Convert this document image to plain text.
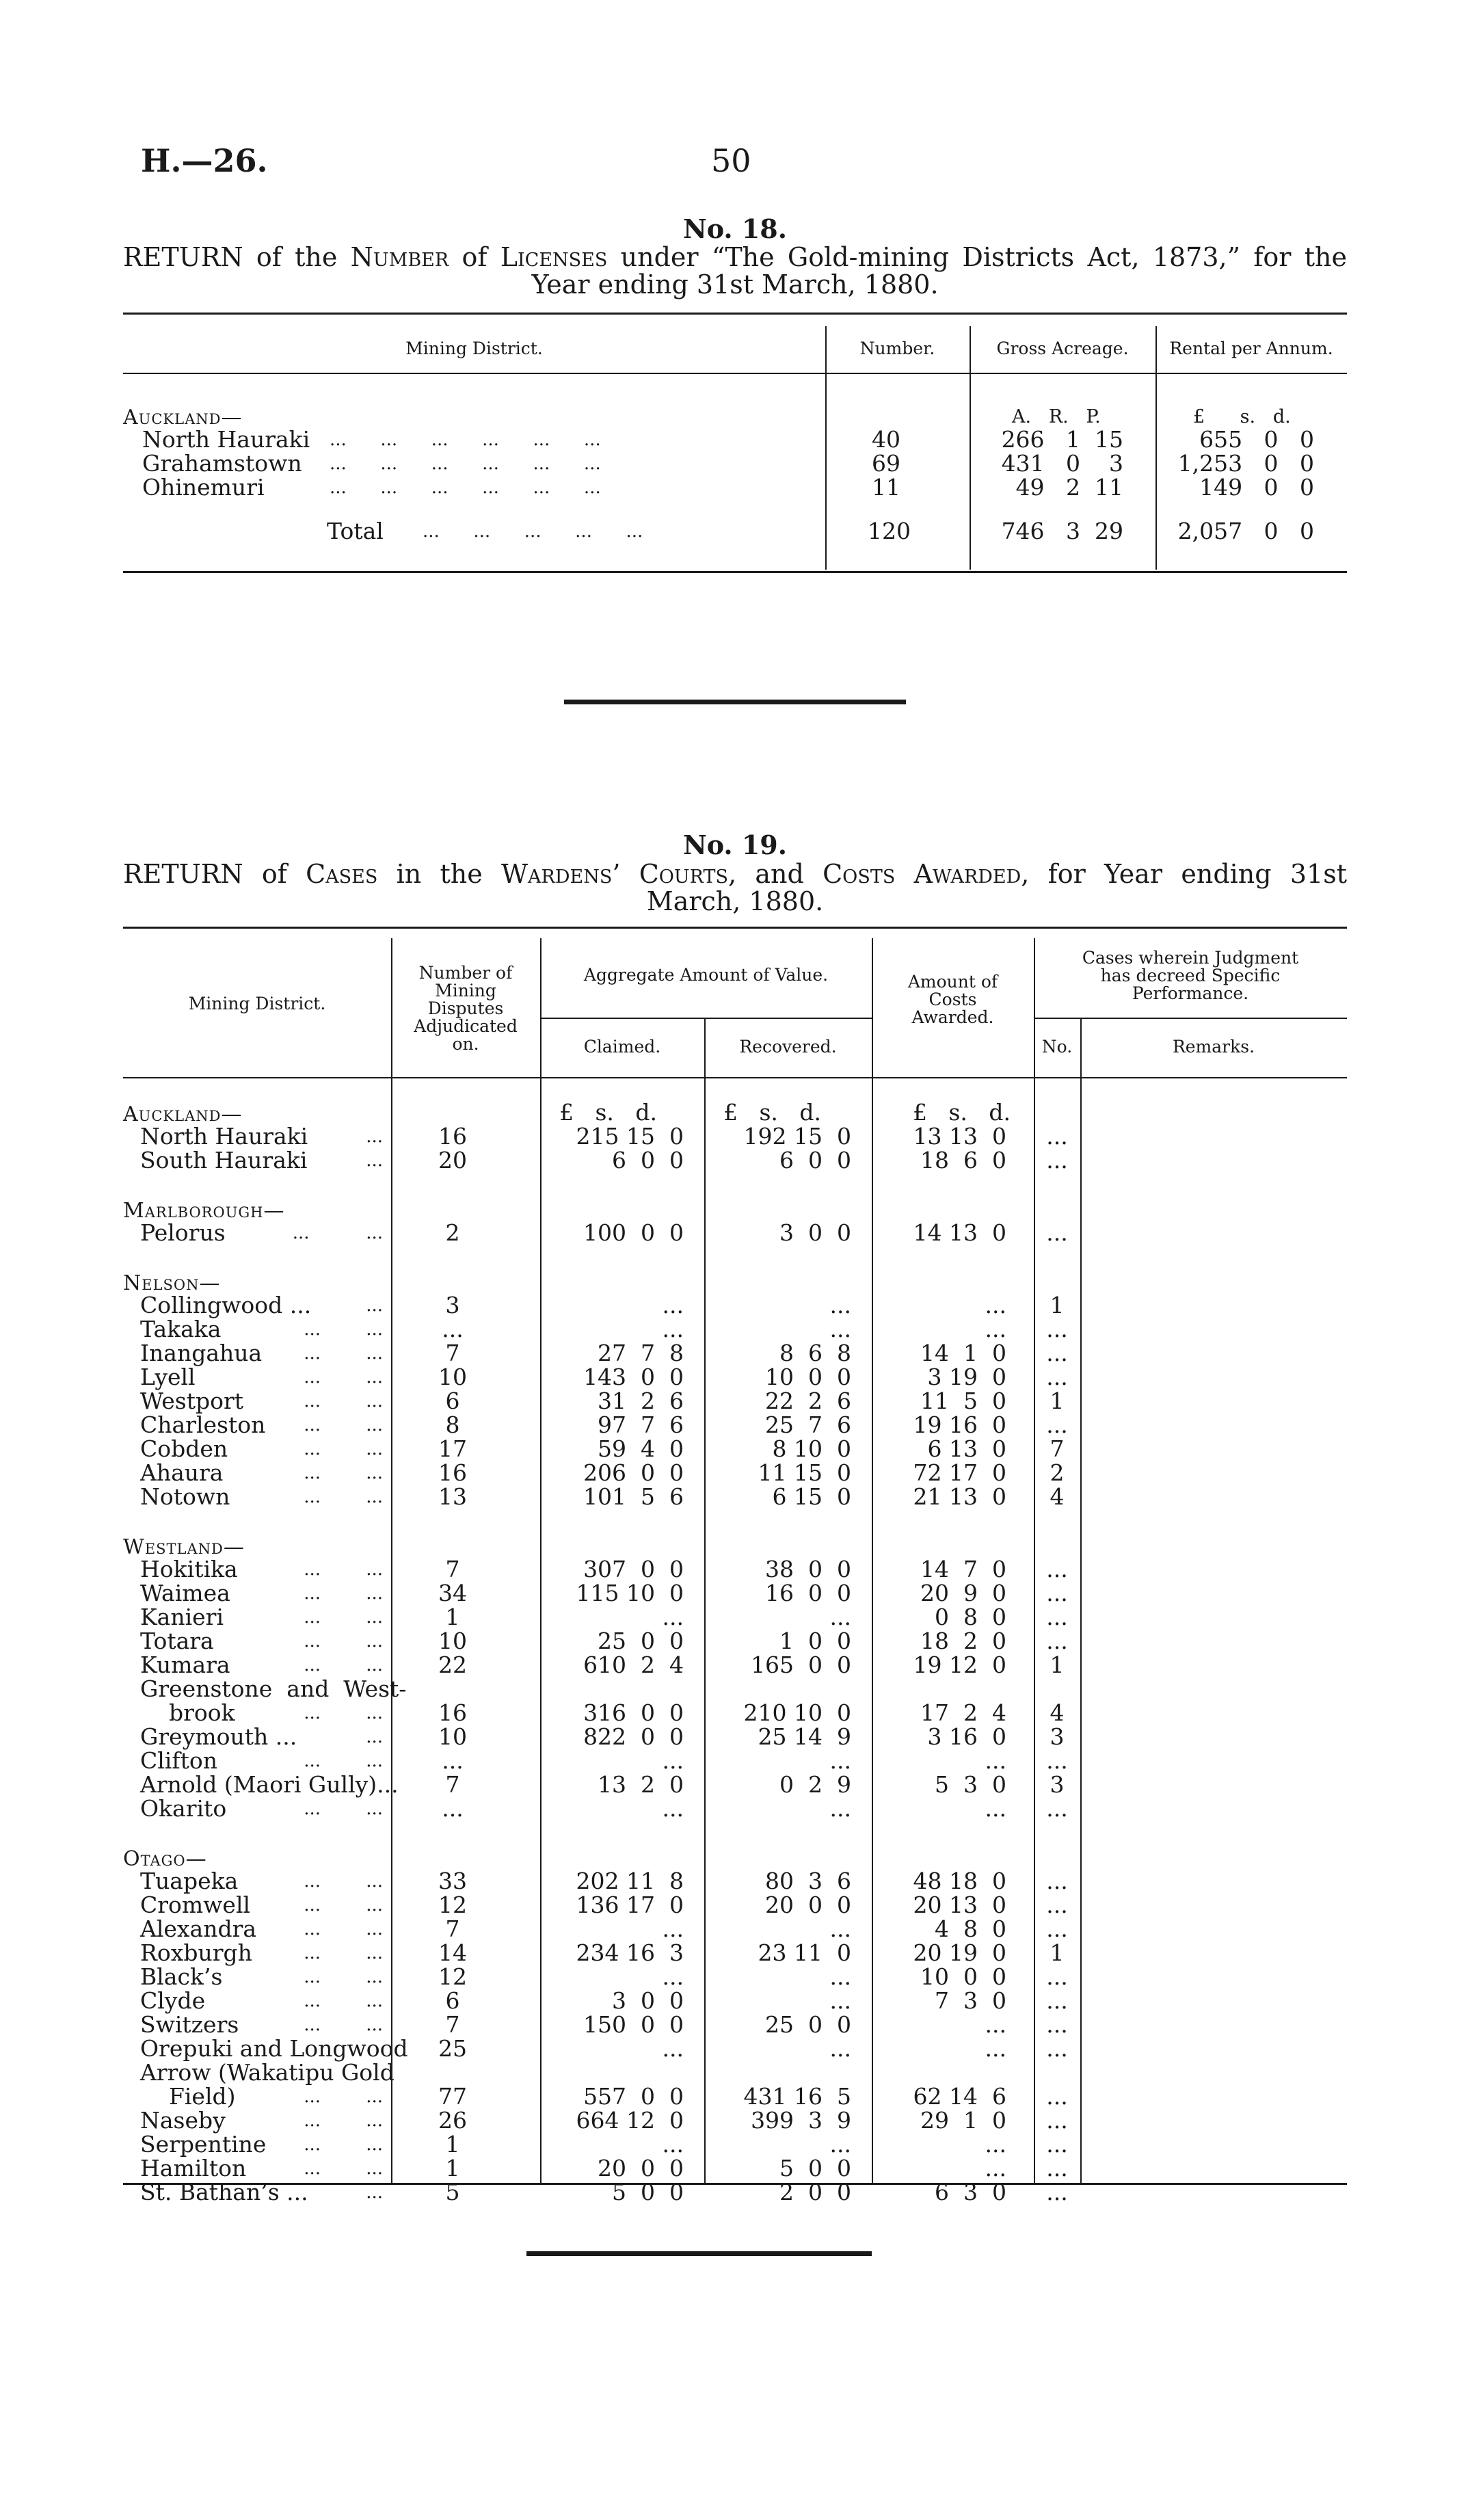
H.—26.	50
No. 18.
RETURN of the Number of Licenses under “The Gold-mining Districts Act, 1873,” for the
Year ending 31st March, 1880.
Mining District.	Number.	Gross Acreage.	Rental per Annum.
Auckland—	A.   R.   P.	£      s.   d.
North Hauraki ...      ...      ...      ...      ...      ...	40	266   1  15	655   0   0
Grahamstown ...      ...      ...      ...      ...      ...	69	431   0    3	1,253   0   0
Ohinemuri	...      ...      ...      ...      ...      ...	11	49   2  11	149   0   0
Total ...      ...      ...      ...      ...	120	746   3  29	2,057   0   0
No. 19.
RETURN of Cases in the Wardens’ Courts, and Costs Awarded, for Year ending 31st
March, 1880.
Mining District.
Number of Mining Disputes Adjudicated on.
Aggregate Amount of Value.
Claimed.	Recovered.
Amount of Costs Awarded.
Cases wherein Judgment has decreed Specific Performance.
No.	Remarks.
Auckland—	£   s.   d.	£   s.   d.	£   s.   d.
North Hauraki	...	16	215 15  0	192 15  0	13 13  0	...
South Hauraki	...	20	6  0  0	6  0  0	18  6  0	...
Marlborough—
Pelorus	...          ...	2	100  0  0	3  0  0	14 13  0	...
Nelson—
Collingwood ...	...	3	...	...	...	1
Takaka	...        ...	...	...	...	...	...
Inangahua	...        ...	7	27  7  8	8  6  8	14  1  0	...
Lyell	...        ...	10	143  0  0	10  0  0	3 19  0	...
Westport	...        ...	6	31  2  6	22  2  6	11  5  0	1
Charleston	...        ...	8	97  7  6	25  7  6	19 16  0	...
Cobden	...        ...	17	59  4  0	8 10  0	6 13  0	7
Ahaura	...        ...	16	206  0  0	11 15  0	72 17  0	2
Notown	...        ...	13	101  5  6	6 15  0	21 13  0	4
Westland—
Hokitika	...        ...	7	307  0  0	38  0  0	14  7  0	...
Waimea	...        ...	34	115 10  0	16  0  0	20  9  0	...
Kanieri	...        ...	1	...	...	0  8  0	...
Totara	...        ...	10	25  0  0	1  0  0	18  2  0	...
Kumara	...        ...	22	610  2  4	165  0  0	19 12  0	1
Greenstone  and  West-
brook	...        ...	16	316  0  0	210 10  0	17  2  4	4
Greymouth ...	...	10	822  0  0	25 14  9	3 16  0	3
Clifton	...        ...	...	...	...	...	...
Arnold (Maori Gully)...	7	13  2  0	0  2  9	5  3  0	3
Okarito	...        ...	...	...	...	...	...
Otago—
Tuapeka	...        ...	33	202 11  8	80  3  6	48 18  0	...
Cromwell	...        ...	12	136 17  0	20  0  0	20 13  0	...
Alexandra	...        ...	7	...	...	4  8  0	...
Roxburgh	...        ...	14	234 16  3	23 11  0	20 19  0	1
Black’s	...        ...	12	...	...	10  0  0	...
Clyde	...        ...	6	3  0  0	...	7  3  0	...
Switzers	...        ...	7	150  0  0	25  0  0	...	...
Orepuki and Longwood	25	...	...	...	...
Arrow (Wakatipu Gold
Field)	...        ...	77	557  0  0	431 16  5	62 14  6	...
Naseby	...        ...	26	664 12  0	399  3  9	29  1  0	...
Serpentine	...        ...	1	...	...	...	...
Hamilton	...        ...	1	20  0  0	5  0  0	...	...
St. Bathan’s ...	...	5	5  0  0	2  0  0	6  3  0	...
